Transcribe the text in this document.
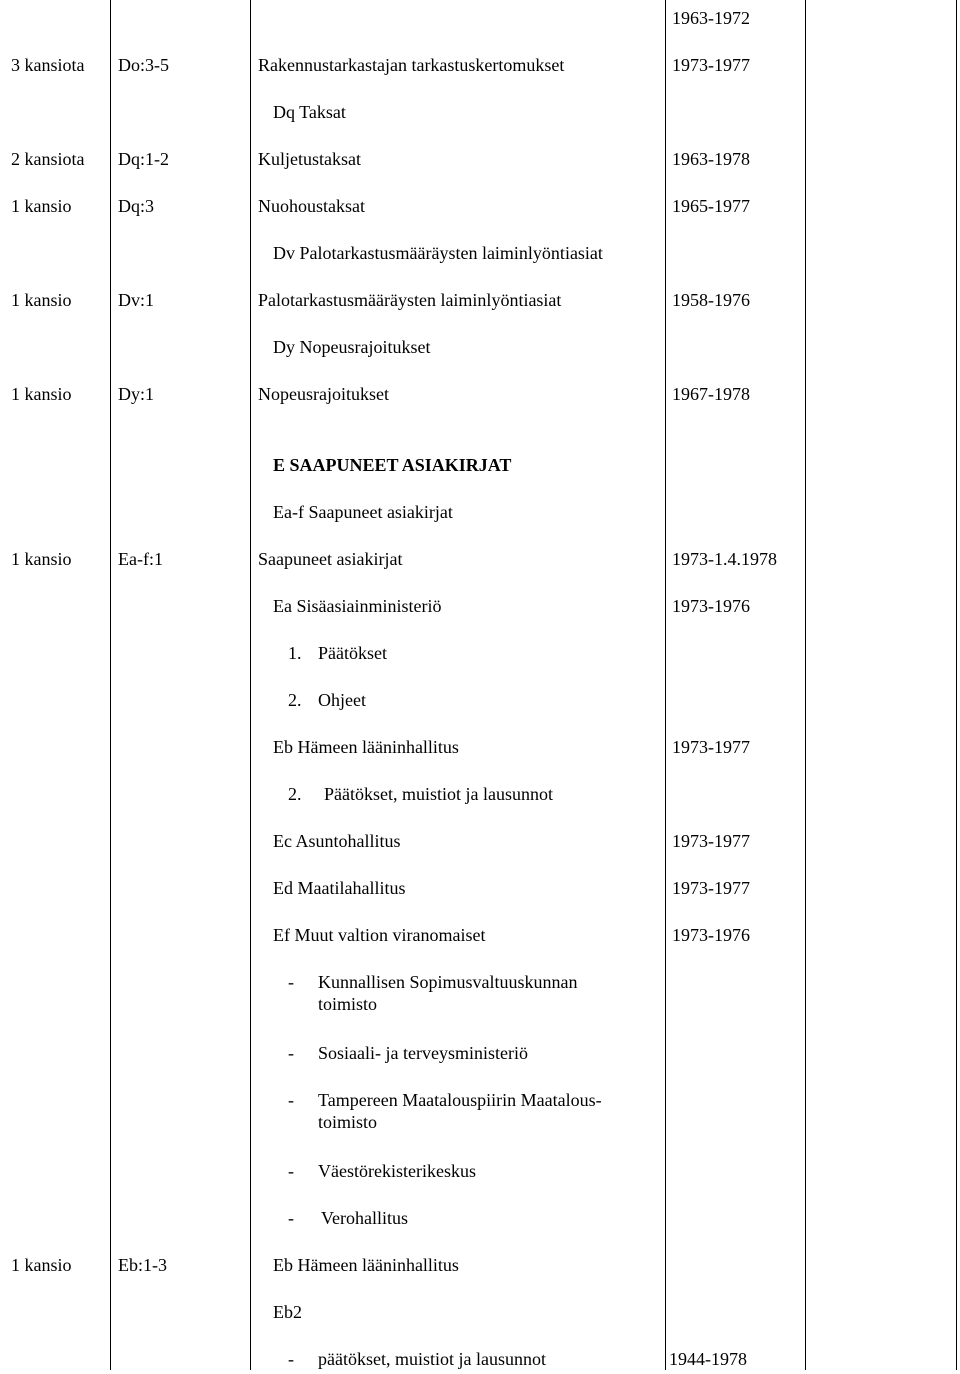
1963-1972
3 kansiota Do:3-5	Rakennustarkastajan tarkastuskertomukset	1973-1977
Dq Taksat
2 kansiota Dq:1-2	Kuljetustaksat	1963-1978
1 kansio	Dq:3	Nuohoustaksat	1965-1977
Dv Palotarkastusmääräysten laiminlyöntiasiat
1 kansio	Dv:1	Palotarkastusmääräysten laiminlyöntiasiat	1958-1976
Dy Nopeusrajoitukset
1 kansio	Dy:1	Nopeusrajoitukset	1967-1978
E SAAPUNEET ASIAKIRJAT
Ea-f Saapuneet asiakirjat
1 kansio	Ea-f:1	Saapuneet asiakirjat	1973-1.4.1978
Ea Sisäasiainministeriö	1973-1976
1. Päätökset
2. Ohjeet
Eb Hämeen lääninhallitus	1973-1977
2. Päätökset, muistiot ja lausunnot
Ec Asuntohallitus	1973-1977
Ed Maatilahallitus	1973-1977
Ef Muut valtion viranomaiset	1973-1976
- Kunnallisen Sopimusvaltuuskunnan
toimisto
- Sosiaali- ja terveysministeriö
- Tampereen Maatalouspiirin Maatalous-
toimisto
- Väestörekisterikeskus
- Verohallitus
1 kansio	Eb:1-3	Eb Hämeen lääninhallitus
Eb2
- päätökset, muistiot ja lausunnot	1944-1978
